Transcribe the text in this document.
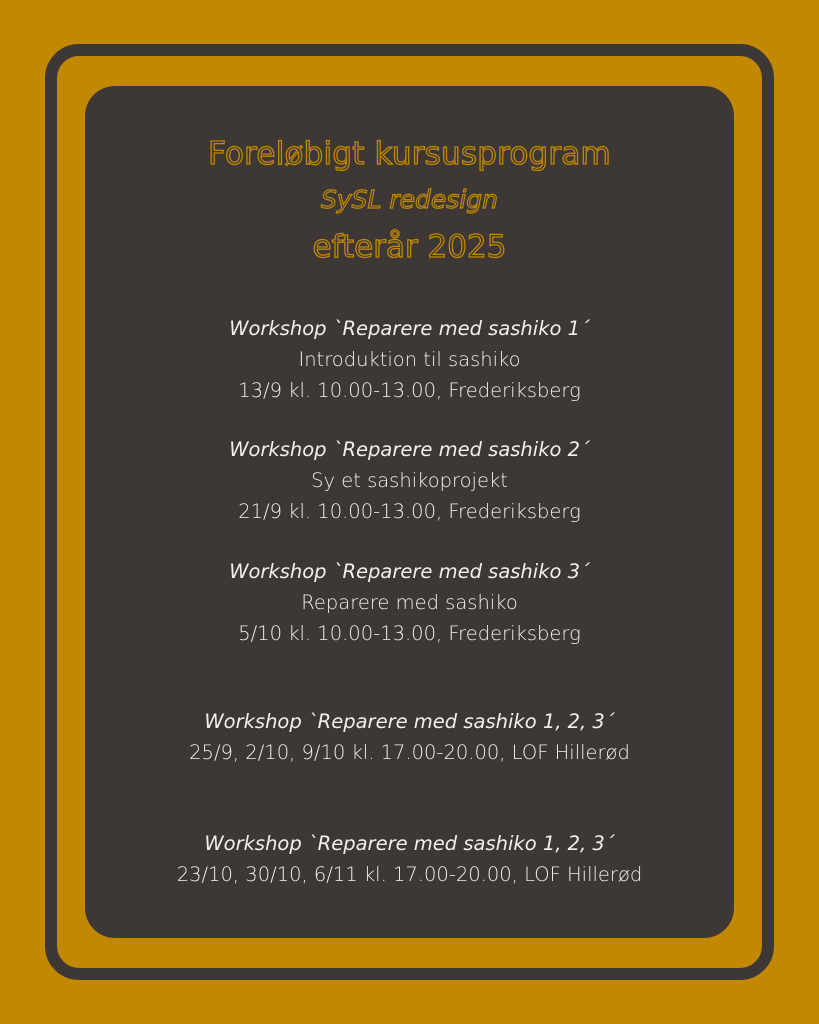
Foreløbigt kursusprogram
SySL redesign
efterår 2025
Workshop `Reparere med sashiko 1´
Introduktion til sashiko
13/9 kl. 10.00-13.00, Frederiksberg
Workshop `Reparere med sashiko 2´
Sy et sashikoprojekt
21/9 kl. 10.00-13.00, Frederiksberg
Workshop `Reparere med sashiko 3´
Reparere med sashiko
5/10 kl. 10.00-13.00, Frederiksberg
Workshop `Reparere med sashiko 1, 2, 3´
25/9, 2/10, 9/10 kl. 17.00-20.00, LOF Hillerød
Workshop `Reparere med sashiko 1, 2, 3´
23/10, 30/10, 6/11 kl. 17.00-20.00, LOF Hillerød
